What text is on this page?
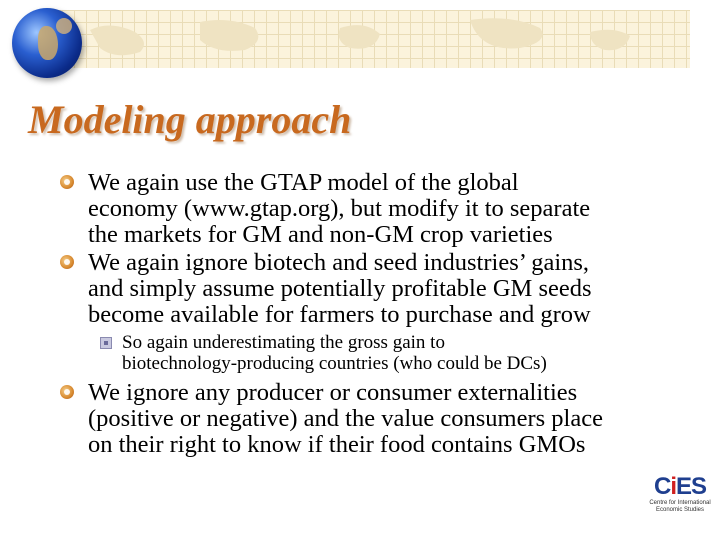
Modeling approach
We again use the GTAP model of the global
economy (www.gtap.org), but modify it to separate
the markets for GM and non-GM crop varieties
We again ignore biotech and seed industries’ gains,
and simply assume potentially profitable GM seeds
become available for farmers to purchase and grow
So again underestimating the gross gain to
biotechnology-producing countries (who could be DCs)
We ignore any producer or consumer externalities
(positive or negative) and the value consumers place
on their right to know if their food contains GMOs
CiES
Centre for International
Economic Studies
